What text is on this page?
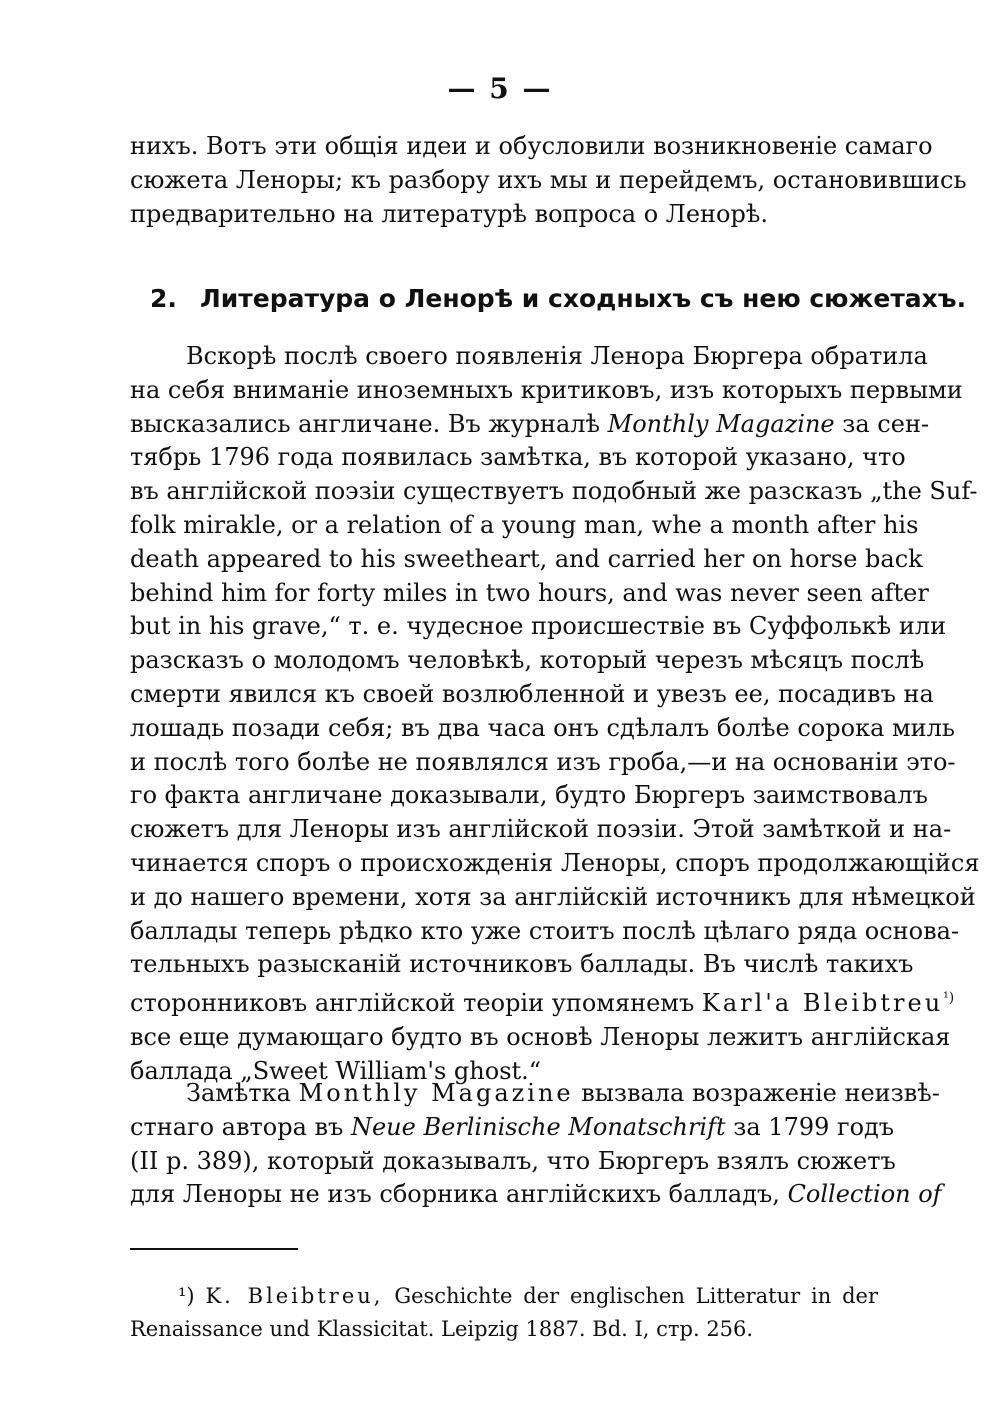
— 5 —
нихъ. Вотъ эти общія идеи и обусловили возникновеніе самаго
сюжета Леноры; къ разбору ихъ мы и перейдемъ, остановившись
предварительно на литературѣ вопроса о Ленорѣ.
2. Литература о Ленорѣ и сходныхъ съ нею сюжетахъ.
Вскорѣ послѣ своего появленія Ленора Бюргера обратила
на себя вниманіе иноземныхъ критиковъ, изъ которыхъ первыми
высказались англичане. Въ журналѣ Monthly Magazine за сен-
тябрь 1796 года появилась замѣтка, въ которой указано, что
въ англійской поэзіи существуетъ подобный же разсказъ „the Suf-
folk mirakle, or a relation of a young man, whe a month after his
death appeared to his sweetheart, and carried her on horse back
behind him for forty miles in two hours, and was never seen after
but in his grave,“ т. е. чудесное происшествіе въ Суффолькѣ или
разсказъ о молодомъ человѣкѣ, который черезъ мѣсяцъ послѣ
смерти явился къ своей возлюбленной и увезъ ее, посадивъ на
лошадь позади себя; въ два часа онъ сдѣлалъ болѣе сорока миль
и послѣ того болѣе не появлялся изъ гроба,—и на основаніи это-
го факта англичане доказывали, будто Бюргеръ заимствовалъ
сюжетъ для Леноры изъ англійской поэзіи. Этой замѣткой и на-
чинается споръ о происхожденія Леноры, споръ продолжающійся
и до нашего времени, хотя за англійскій источникъ для нѣмецкой
баллады теперь рѣдко кто уже стоитъ послѣ цѣлаго ряда основа-
тельныхъ разысканій источниковъ баллады. Въ числѣ такихъ
сторонниковъ англійской теоріи упомянемъ Karl'a Bleibtreu$^{^1)}$
все еще думающаго будто въ основѣ Леноры лежитъ англійская
баллада „Sweet William's ghost.“
Замѣтка Monthly Magazine вызвала возраженіе неизвѣ-
стнаго автора въ Neue Berlinische Monatschrift за 1799 годъ
(II p. 389), который доказывалъ, что Бюргеръ взялъ сюжетъ
для Леноры не изъ сборника англійскихъ балладъ, Collection of
¹) K. Bleibtreu, Geschichte der englischen Litteratur in der
Renaissance und Klassicitat. Leipzig 1887. Bd. I, стр. 256.
